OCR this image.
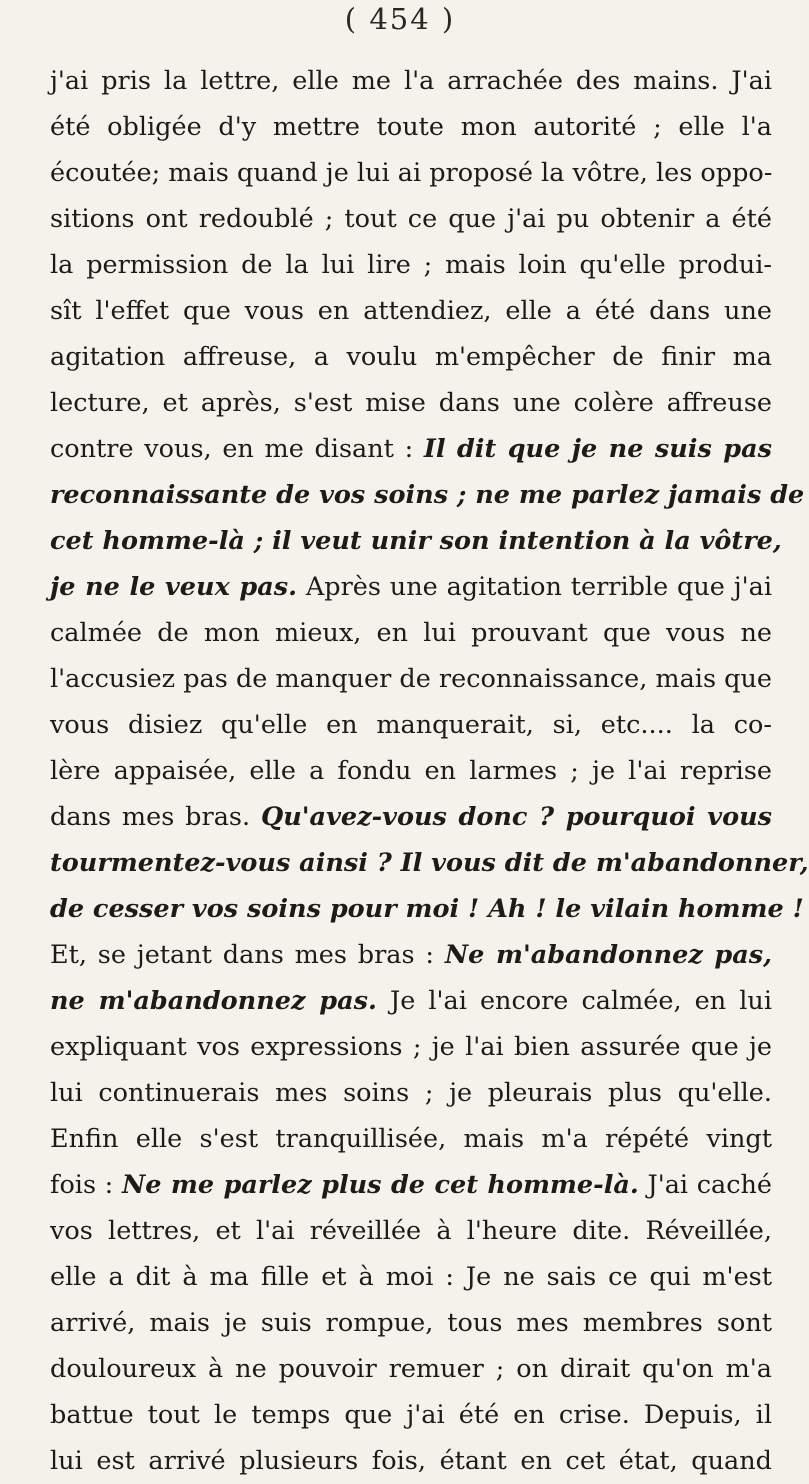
( 454 )
j'ai pris la lettre, elle me l'a arrachée des mains. J'ai
été obligée d'y mettre toute mon autorité ; elle l'a
écoutée; mais quand je lui ai proposé la vôtre, les oppo-
sitions ont redoublé ; tout ce que j'ai pu obtenir a été
la permission de la lui lire ; mais loin qu'elle produi-
sît l'effet que vous en attendiez, elle a été dans une
agitation affreuse, a voulu m'empêcher de finir ma
lecture, et après, s'est mise dans une colère affreuse
contre vous, en me disant : Il dit que je ne suis pas
reconnaissante de vos soins ; ne me parlez jamais de
cet homme-là ; il veut unir son intention à la vôtre,
je ne le veux pas. Après une agitation terrible que j'ai
calmée de mon mieux, en lui prouvant que vous ne
l'accusiez pas de manquer de reconnaissance, mais que
vous disiez qu'elle en manquerait, si, etc.... la co-
lère appaisée, elle a fondu en larmes ; je l'ai reprise
dans mes bras. Qu'avez-vous donc ? pourquoi vous
tourmentez-vous ainsi ? Il vous dit de m'abandonner,
de cesser vos soins pour moi ! Ah ! le vilain homme !
Et, se jetant dans mes bras : Ne m'abandonnez pas,
ne m'abandonnez pas. Je l'ai encore calmée, en lui
expliquant vos expressions ; je l'ai bien assurée que je
lui continuerais mes soins ; je pleurais plus qu'elle.
Enfin elle s'est tranquillisée, mais m'a répété vingt
fois : Ne me parlez plus de cet homme-là. J'ai caché
vos lettres, et l'ai réveillée à l'heure dite. Réveillée,
elle a dit à ma fille et à moi : Je ne sais ce qui m'est
arrivé, mais je suis rompue, tous mes membres sont
douloureux à ne pouvoir remuer ; on dirait qu'on m'a
battue tout le temps que j'ai été en crise. Depuis, il
lui est arrivé plusieurs fois, étant en cet état, quand
